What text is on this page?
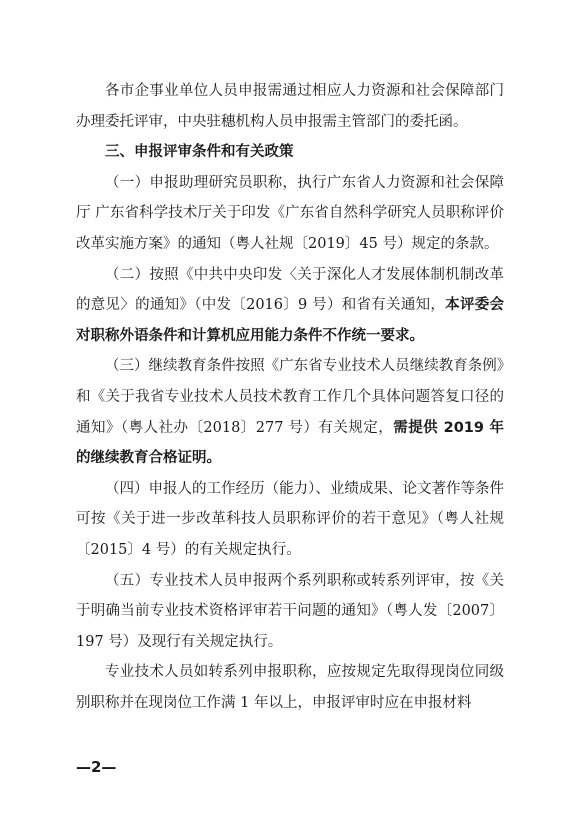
各市企事业单位人员申报需通过相应人力资源和社会保障部门办理委托评审，中央驻穗机构人员申报需主管部门的委托函。

三、申报评审条件和有关政策

（一）申报助理研究员职称，执行广东省人力资源和社会保障厅 广东省科学技术厅关于印发《广东省自然科学研究人员职称评价改革实施方案》的通知（粤人社规〔2019〕45 号）规定的条款。

（二）按照《中共中央印发〈关于深化人才发展体制机制改革的意见〉的通知》（中发〔2016〕9 号）和省有关通知，本评委会对职称外语条件和计算机应用能力条件不作统一要求。

（三）继续教育条件按照《广东省专业技术人员继续教育条例》和《关于我省专业技术人员技术教育工作几个具体问题答复口径的通知》（粤人社办〔2018〕277 号）有关规定，需提供 2019 年的继续教育合格证明。

（四）申报人的工作经历（能力）、业绩成果、论文著作等条件可按《关于进一步改革科技人员职称评价的若干意见》（粤人社规〔2015〕4 号）的有关规定执行。

（五）专业技术人员申报两个系列职称或转系列评审，按《关于明确当前专业技术资格评审若干问题的通知》（粤人发〔2007〕197 号）及现行有关规定执行。

专业技术人员如转系列申报职称，应按规定先取得现岗位同级别职称并在现岗位工作满 1 年以上，申报评审时应在申报材料

—2—
